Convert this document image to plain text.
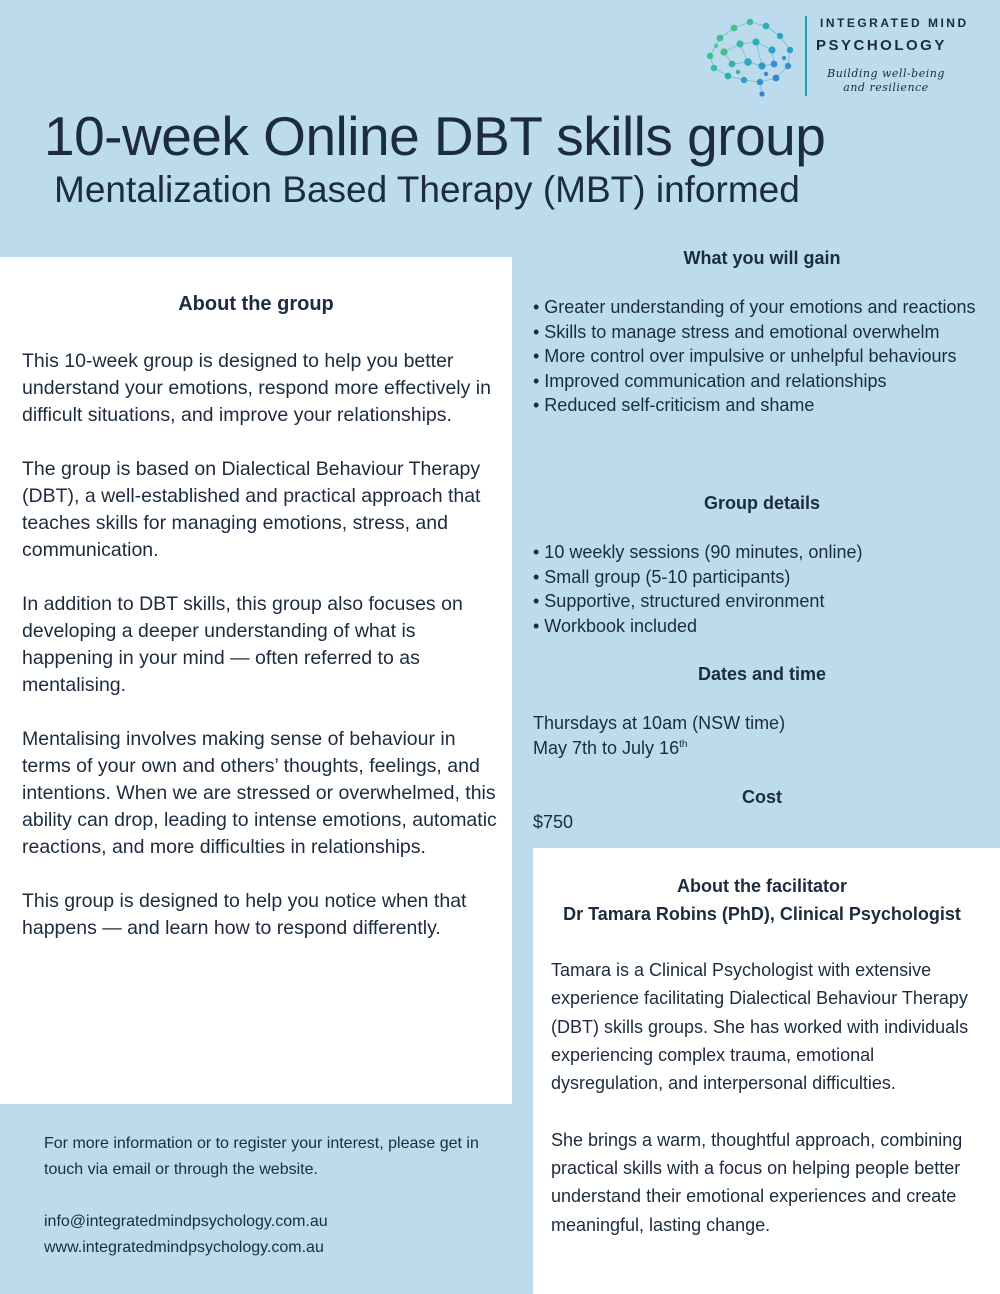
INTEGRATED MIND
PSYCHOLOGY
Building well-being and resilience
10-week Online DBT skills group
Mentalization Based Therapy (MBT) informed
About the group

This 10-week group is designed to help you better understand your emotions, respond more effectively in difficult situations, and improve your relationships.

The group is based on Dialectical Behaviour Therapy (DBT), a well-established and practical approach that teaches skills for managing emotions, stress, and communication.

In addition to DBT skills, this group also focuses on developing a deeper understanding of what is happening in your mind — often referred to as mentalising.

Mentalising involves making sense of behaviour in terms of your own and others’ thoughts, feelings, and intentions. When we are stressed or overwhelmed, this ability can drop, leading to intense emotions, automatic reactions, and more difficulties in relationships.

This group is designed to help you notice when that happens — and learn how to respond differently.

What you will gain
• Greater understanding of your emotions and reactions
• Skills to manage stress and emotional overwhelm
• More control over impulsive or unhelpful behaviours
• Improved communication and relationships
• Reduced self-criticism and shame
Group details
• 10 weekly sessions (90 minutes, online)
• Small group (5-10 participants)
• Supportive, structured environment
• Workbook included
Dates and time
Thursdays at 10am (NSW time)
May 7th to July 16th
Cost
$750
About the facilitator
Dr Tamara Robins (PhD), Clinical Psychologist

Tamara is a Clinical Psychologist with extensive experience facilitating Dialectical Behaviour Therapy (DBT) skills groups. She has worked with individuals experiencing complex trauma, emotional dysregulation, and interpersonal difficulties.

She brings a warm, thoughtful approach, combining practical skills with a focus on helping people better understand their emotional experiences and create meaningful, lasting change.

For more information or to register your interest, please get in touch via email or through the website.

info@integratedmindpsychology.com.au
www.integratedmindpsychology.com.au
